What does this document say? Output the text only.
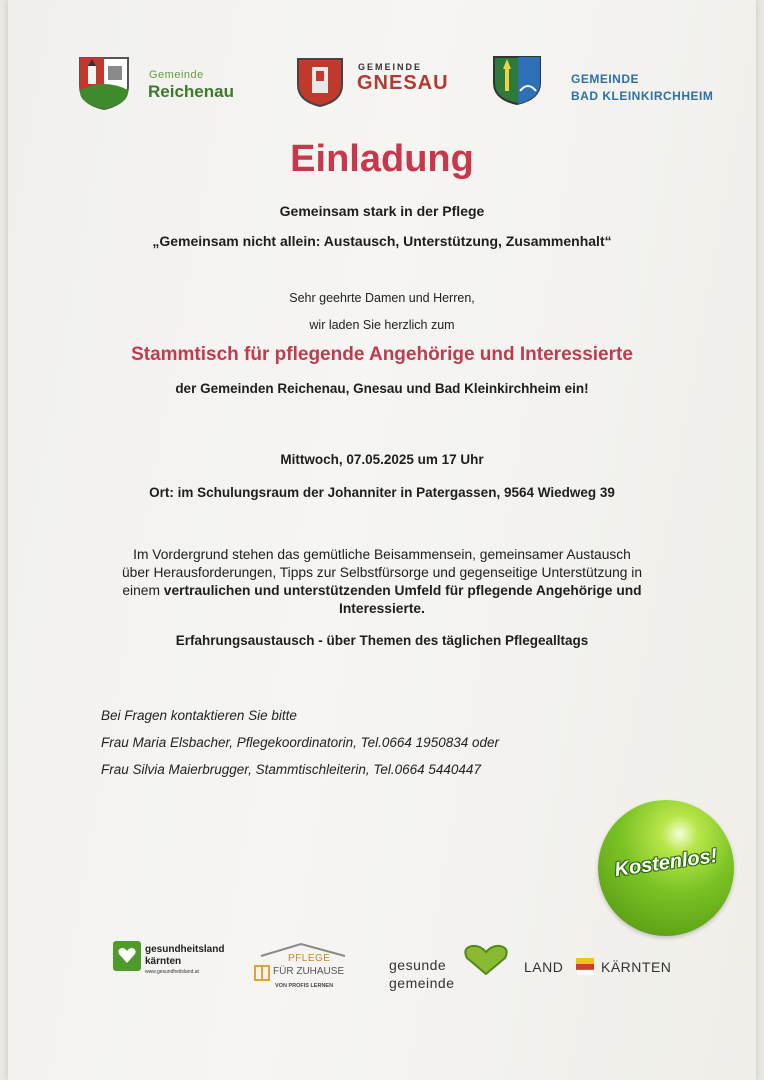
Gemeinde
Reichenau
GEMEINDE
GNESAU	GEMEINDE
BAD KLEINKIRCHHEIM
Einladung
Gemeinsam stark in der Pflege
„Gemeinsam nicht allein: Austausch, Unterstützung, Zusammenhalt“
Sehr geehrte Damen und Herren,
wir laden Sie herzlich zum
Stammtisch für pflegende Angehörige und Interessierte
der Gemeinden Reichenau, Gnesau und Bad Kleinkirchheim ein!
Mittwoch, 07.05.2025 um 17 Uhr
Ort: im Schulungsraum der Johanniter in Patergassen, 9564 Wiedweg 39
Im Vordergrund stehen das gemütliche Beisammensein, gemeinsamer Austausch
über Herausforderungen, Tipps zur Selbstfürsorge und gegenseitige Unterstützung in
einem vertraulichen und unterstützenden Umfeld für pflegende Angehörige und
Interessierte.
Erfahrungsaustausch - über Themen des täglichen Pflegealltags
Bei Fragen kontaktieren Sie bitte
Frau Maria Elsbacher, Pflegekoordinatorin, Tel.0664 1950834 oder
Frau Silvia Maierbrugger, Stammtischleiterin, Tel.0664 5440447
Kostenlos!
gesundheitsland
kärnten
www.gesundheitsland.at
PFLEGE
FÜR ZUHAUSE
VON PROFIS LERNEN
gesunde
gemeinde
LAND	KÄRNTEN
